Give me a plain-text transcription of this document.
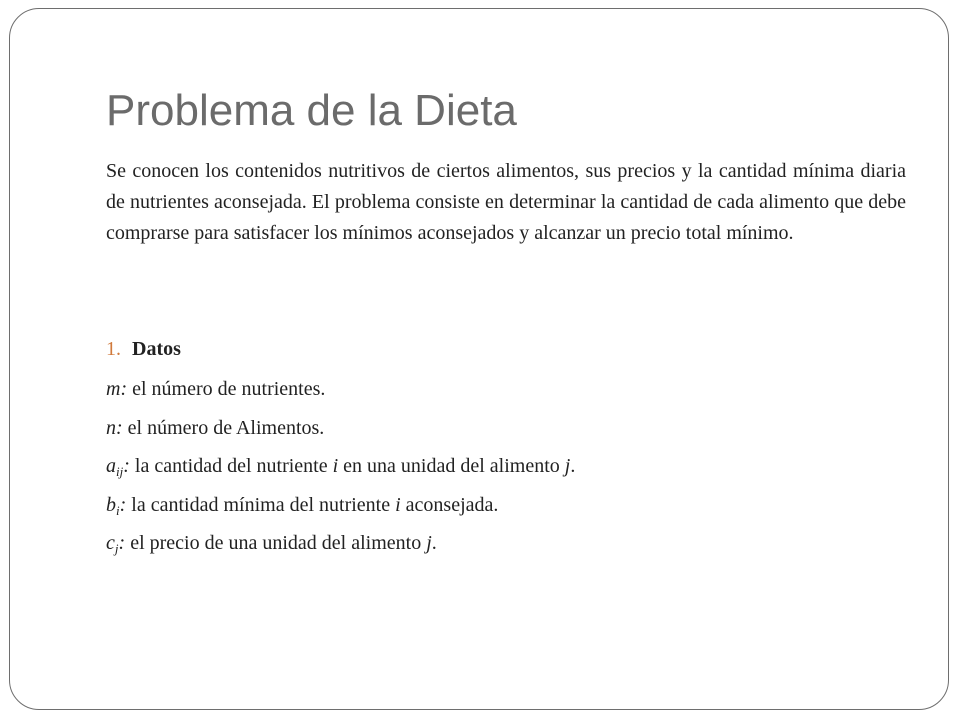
Problema de la Dieta

Se conocen los contenidos nutritivos de ciertos alimentos, sus precios y la cantidad mínima diaria de nutrientes aconsejada. El problema consiste en determinar la cantidad de cada alimento que debe comprarse para satisfacer los mínimos aconsejados y alcanzar un precio total mínimo.

1. Datos
m: el número de nutrientes.
n: el número de Alimentos.
$a_{ij}$: la cantidad del nutriente i en una unidad del alimento j.
$b_i$: la cantidad mínima del nutriente i aconsejada.
$c_j$: el precio de una unidad del alimento j.
